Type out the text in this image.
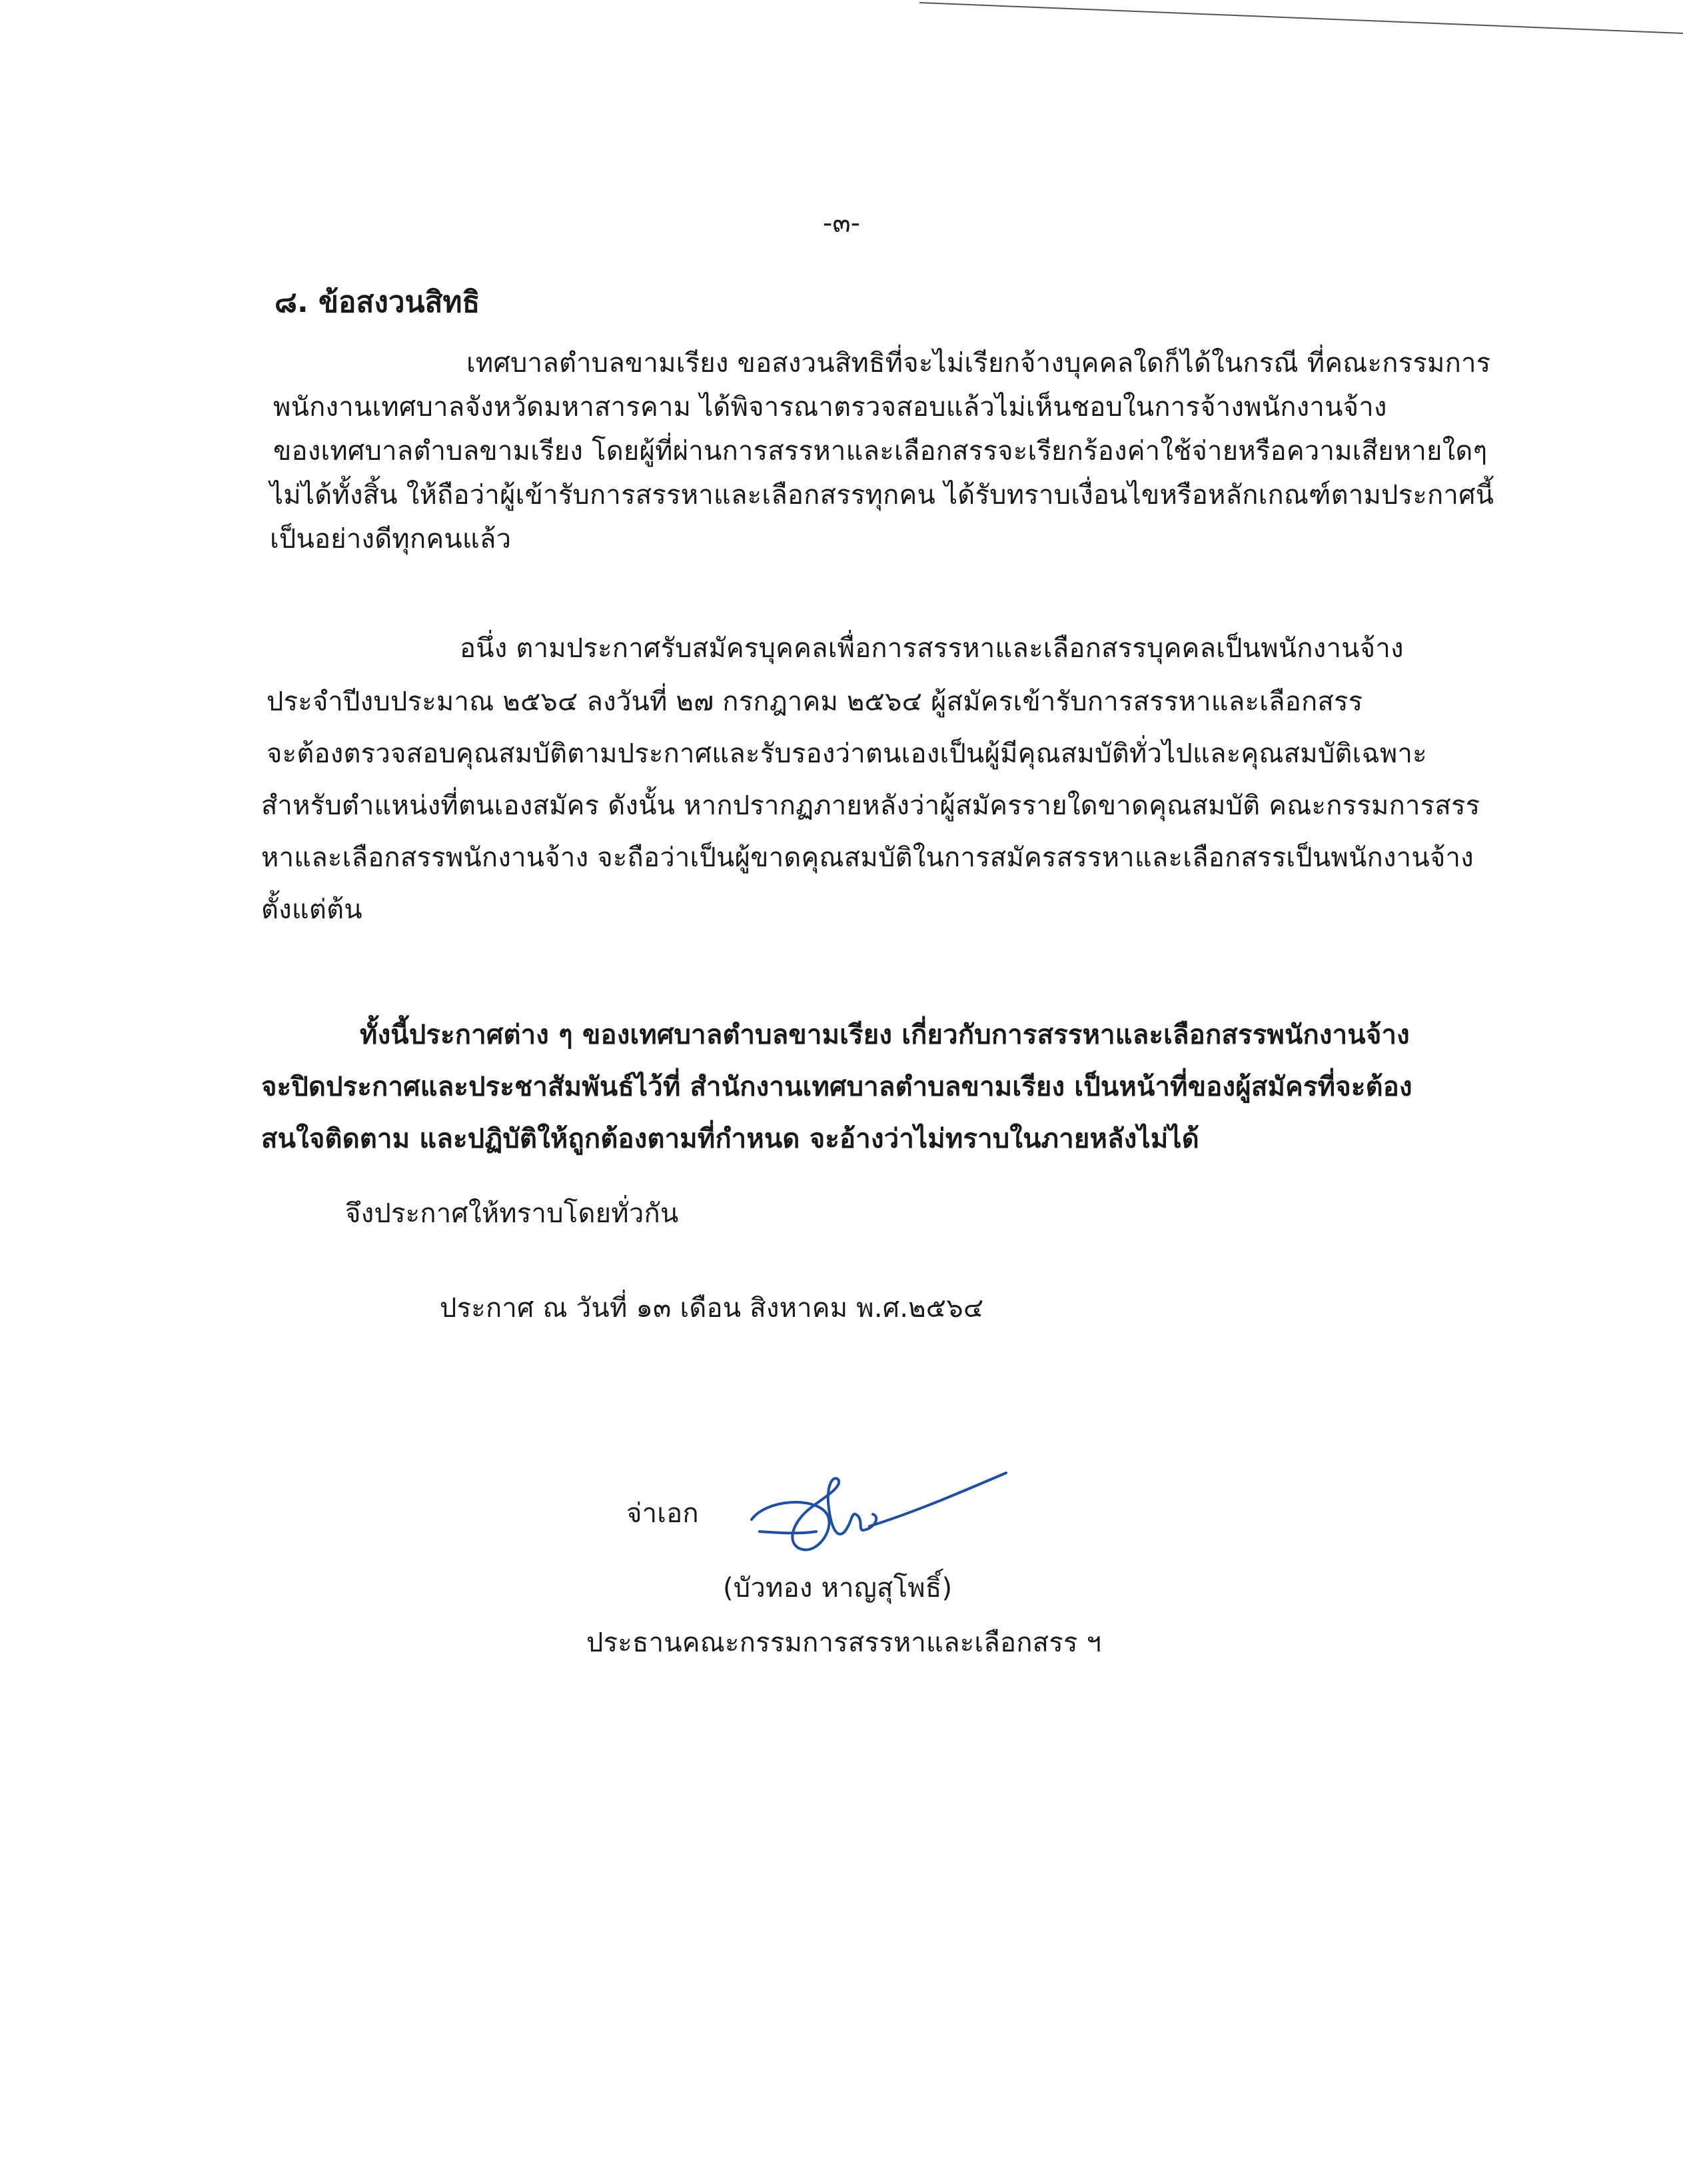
-๓-
๘. ข้อสงวนสิทธิ
เทศบาลตำบลขามเรียง ขอสงวนสิทธิที่จะไม่เรียกจ้างบุคคลใดก็ได้ในกรณี ที่คณะกรรมการ
พนักงานเทศบาลจังหวัดมหาสารคาม ได้พิจารณาตรวจสอบแล้วไม่เห็นชอบในการจ้างพนักงานจ้าง
ของเทศบาลตำบลขามเรียง โดยผู้ที่ผ่านการสรรหาและเลือกสรรจะเรียกร้องค่าใช้จ่ายหรือความเสียหายใดๆ
ไม่ได้ทั้งสิ้น ให้ถือว่าผู้เข้ารับการสรรหาและเลือกสรรทุกคน ได้รับทราบเงื่อนไขหรือหลักเกณฑ์ตามประกาศนี้
เป็นอย่างดีทุกคนแล้ว
อนึ่ง ตามประกาศรับสมัครบุคคลเพื่อการสรรหาและเลือกสรรบุคคลเป็นพนักงานจ้าง
ประจำปีงบประมาณ ๒๕๖๔ ลงวันที่ ๒๗ กรกฎาคม ๒๕๖๔ ผู้สมัครเข้ารับการสรรหาและเลือกสรร
จะต้องตรวจสอบคุณสมบัติตามประกาศและรับรองว่าตนเองเป็นผู้มีคุณสมบัติทั่วไปและคุณสมบัติเฉพาะ
สำหรับตำแหน่งที่ตนเองสมัคร ดังนั้น หากปรากฏภายหลังว่าผู้สมัครรายใดขาดคุณสมบัติ คณะกรรมการสรร
หาและเลือกสรรพนักงานจ้าง จะถือว่าเป็นผู้ขาดคุณสมบัติในการสมัครสรรหาและเลือกสรรเป็นพนักงานจ้าง
ตั้งแต่ต้น
ทั้งนี้ประกาศต่าง ๆ ของเทศบาลตำบลขามเรียง เกี่ยวกับการสรรหาและเลือกสรรพนักงานจ้าง
จะปิดประกาศและประชาสัมพันธ์ไว้ที่ สำนักงานเทศบาลตำบลขามเรียง เป็นหน้าที่ของผู้สมัครที่จะต้อง
สนใจติดตาม และปฏิบัติให้ถูกต้องตามที่กำหนด จะอ้างว่าไม่ทราบในภายหลังไม่ได้
จึงประกาศให้ทราบโดยทั่วกัน
ประกาศ ณ วันที่ ๑๓ เดือน สิงหาคม พ.ศ.๒๕๖๔
จ่าเอก
(บัวทอง หาญสุโพธิ์)
ประธานคณะกรรมการสรรหาและเลือกสรร ฯ
